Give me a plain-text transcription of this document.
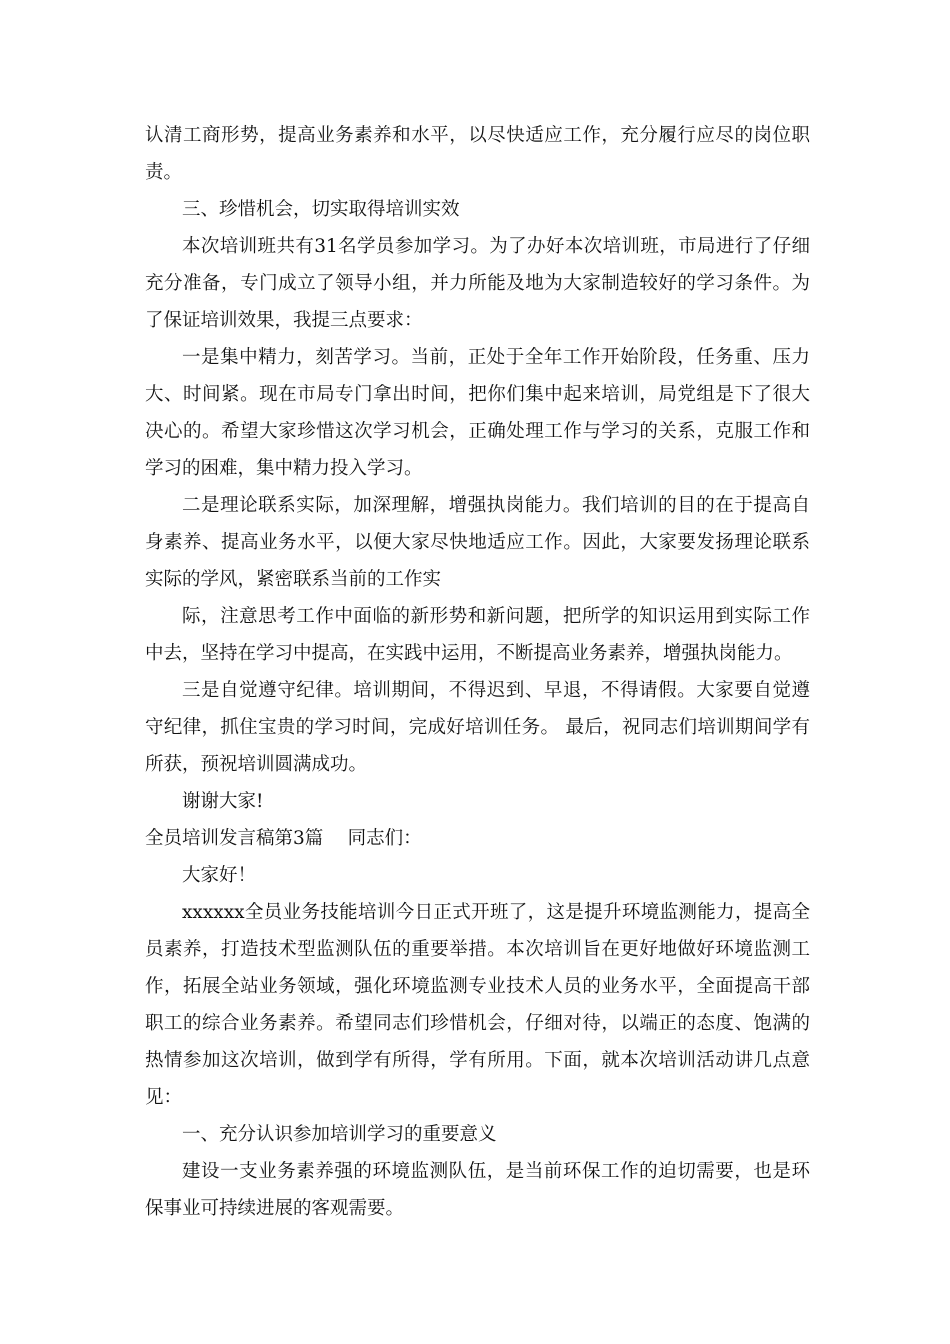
认清工商形势，提高业务素养和水平，以尽快适应工作，充分履行应尽的岗位职责。

三、珍惜机会，切实取得培训实效

本次培训班共有31名学员参加学习。为了办好本次培训班，市局进行了仔细充分准备，专门成立了领导小组，并力所能及地为大家制造较好的学习条件。为了保证培训效果，我提三点要求：

一是集中精力，刻苦学习。当前，正处于全年工作开始阶段，任务重、压力大、时间紧。现在市局专门拿出时间，把你们集中起来培训，局党组是下了很大决心的。希望大家珍惜这次学习机会，正确处理工作与学习的关系，克服工作和学习的困难，集中精力投入学习。

二是理论联系实际，加深理解，增强执岗能力。我们培训的目的在于提高自身素养、提高业务水平，以便大家尽快地适应工作。因此，大家要发扬理论联系实际的学风，紧密联系当前的工作实

际，注意思考工作中面临的新形势和新问题，把所学的知识运用到实际工作中去，坚持在学习中提高，在实践中运用，不断提高业务素养，增强执岗能力。

三是自觉遵守纪律。培训期间，不得迟到、早退，不得请假。大家要自觉遵守纪律，抓住宝贵的学习时间，完成好培训任务。 最后，祝同志们培训期间学有所获，预祝培训圆满成功。

谢谢大家!

全员培训发言稿第3篇　 同志们：

大家好！

xxxxxx全员业务技能培训今日正式开班了，这是提升环境监测能力，提高全员素养，打造技术型监测队伍的重要举措。本次培训旨在更好地做好环境监测工作，拓展全站业务领域，强化环境监测专业技术人员的业务水平，全面提高干部职工的综合业务素养。希望同志们珍惜机会，仔细对待，以端正的态度、饱满的热情参加这次培训，做到学有所得，学有所用。下面，就本次培训活动讲几点意见：

一、充分认识参加培训学习的重要意义

建设一支业务素养强的环境监测队伍，是当前环保工作的迫切需要，也是环保事业可持续进展的客观需要。
